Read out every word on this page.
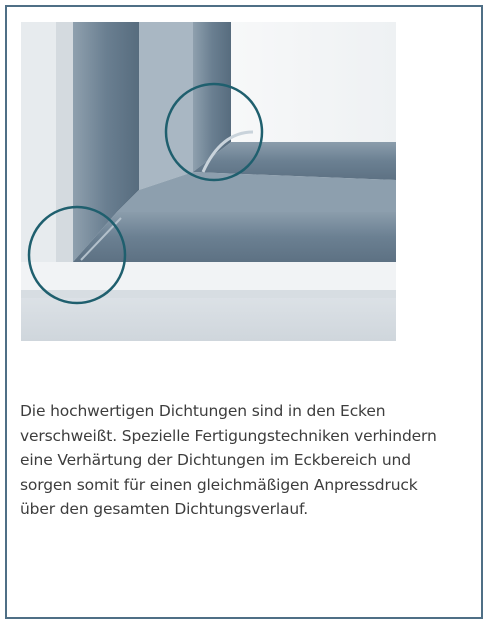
Die hochwertigen Dichtungen sind in den Ecken
verschweißt. Spezielle Fertigungstechniken verhindern
eine Verhärtung der Dichtungen im Eckbereich und
sorgen somit für einen gleichmäßigen Anpressdruck
über den gesamten Dichtungsverlauf.
